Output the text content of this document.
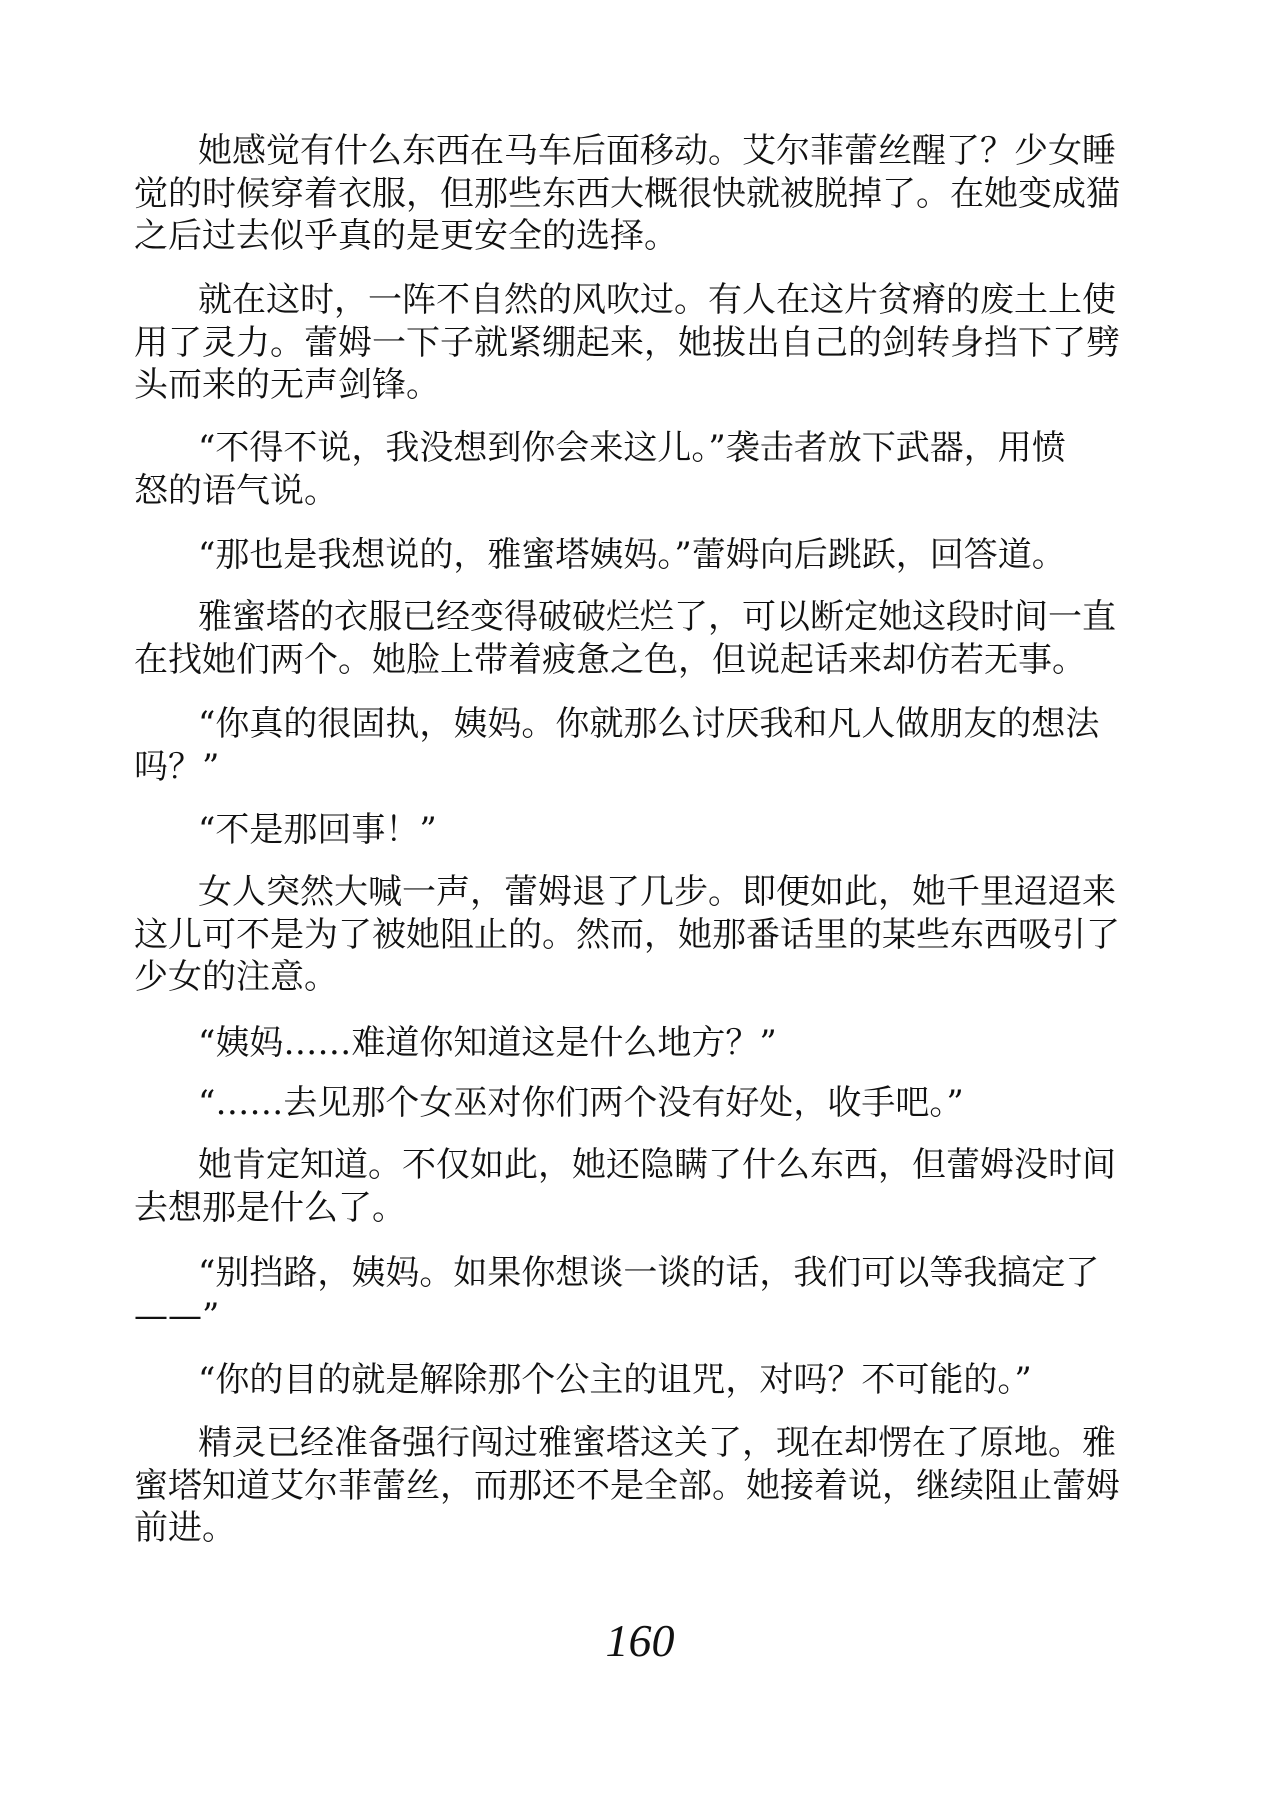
她感觉有什么东西在马车后面移动。艾尔菲蕾丝醒了？少女睡
觉的时候穿着衣服，但那些东西大概很快就被脱掉了。在她变成猫
之后过去似乎真的是更安全的选择。
就在这时，一阵不自然的风吹过。有人在这片贫瘠的废土上使
用了灵力。蕾姆一下子就紧绷起来，她拔出自己的剑转身挡下了劈
头而来的无声剑锋。
“不得不说，我没想到你会来这儿。”袭击者放下武器，用愤
怒的语气说。
“那也是我想说的，雅蜜塔姨妈。”蕾姆向后跳跃，回答道。
雅蜜塔的衣服已经变得破破烂烂了，可以断定她这段时间一直
在找她们两个。她脸上带着疲惫之色，但说起话来却仿若无事。
“你真的很固执，姨妈。你就那么讨厌我和凡人做朋友的想法
吗？”
“不是那回事！”
女人突然大喊一声，蕾姆退了几步。即便如此，她千里迢迢来
这儿可不是为了被她阻止的。然而，她那番话里的某些东西吸引了
少女的注意。
“姨妈……难道你知道这是什么地方？”
“……去见那个女巫对你们两个没有好处，收手吧。”
她肯定知道。不仅如此，她还隐瞒了什么东西，但蕾姆没时间
去想那是什么了。
“别挡路，姨妈。如果你想谈一谈的话，我们可以等我搞定了
——”
“你的目的就是解除那个公主的诅咒，对吗？不可能的。”
精灵已经准备强行闯过雅蜜塔这关了，现在却愣在了原地。雅
蜜塔知道艾尔菲蕾丝，而那还不是全部。她接着说，继续阻止蕾姆
前进。
160
